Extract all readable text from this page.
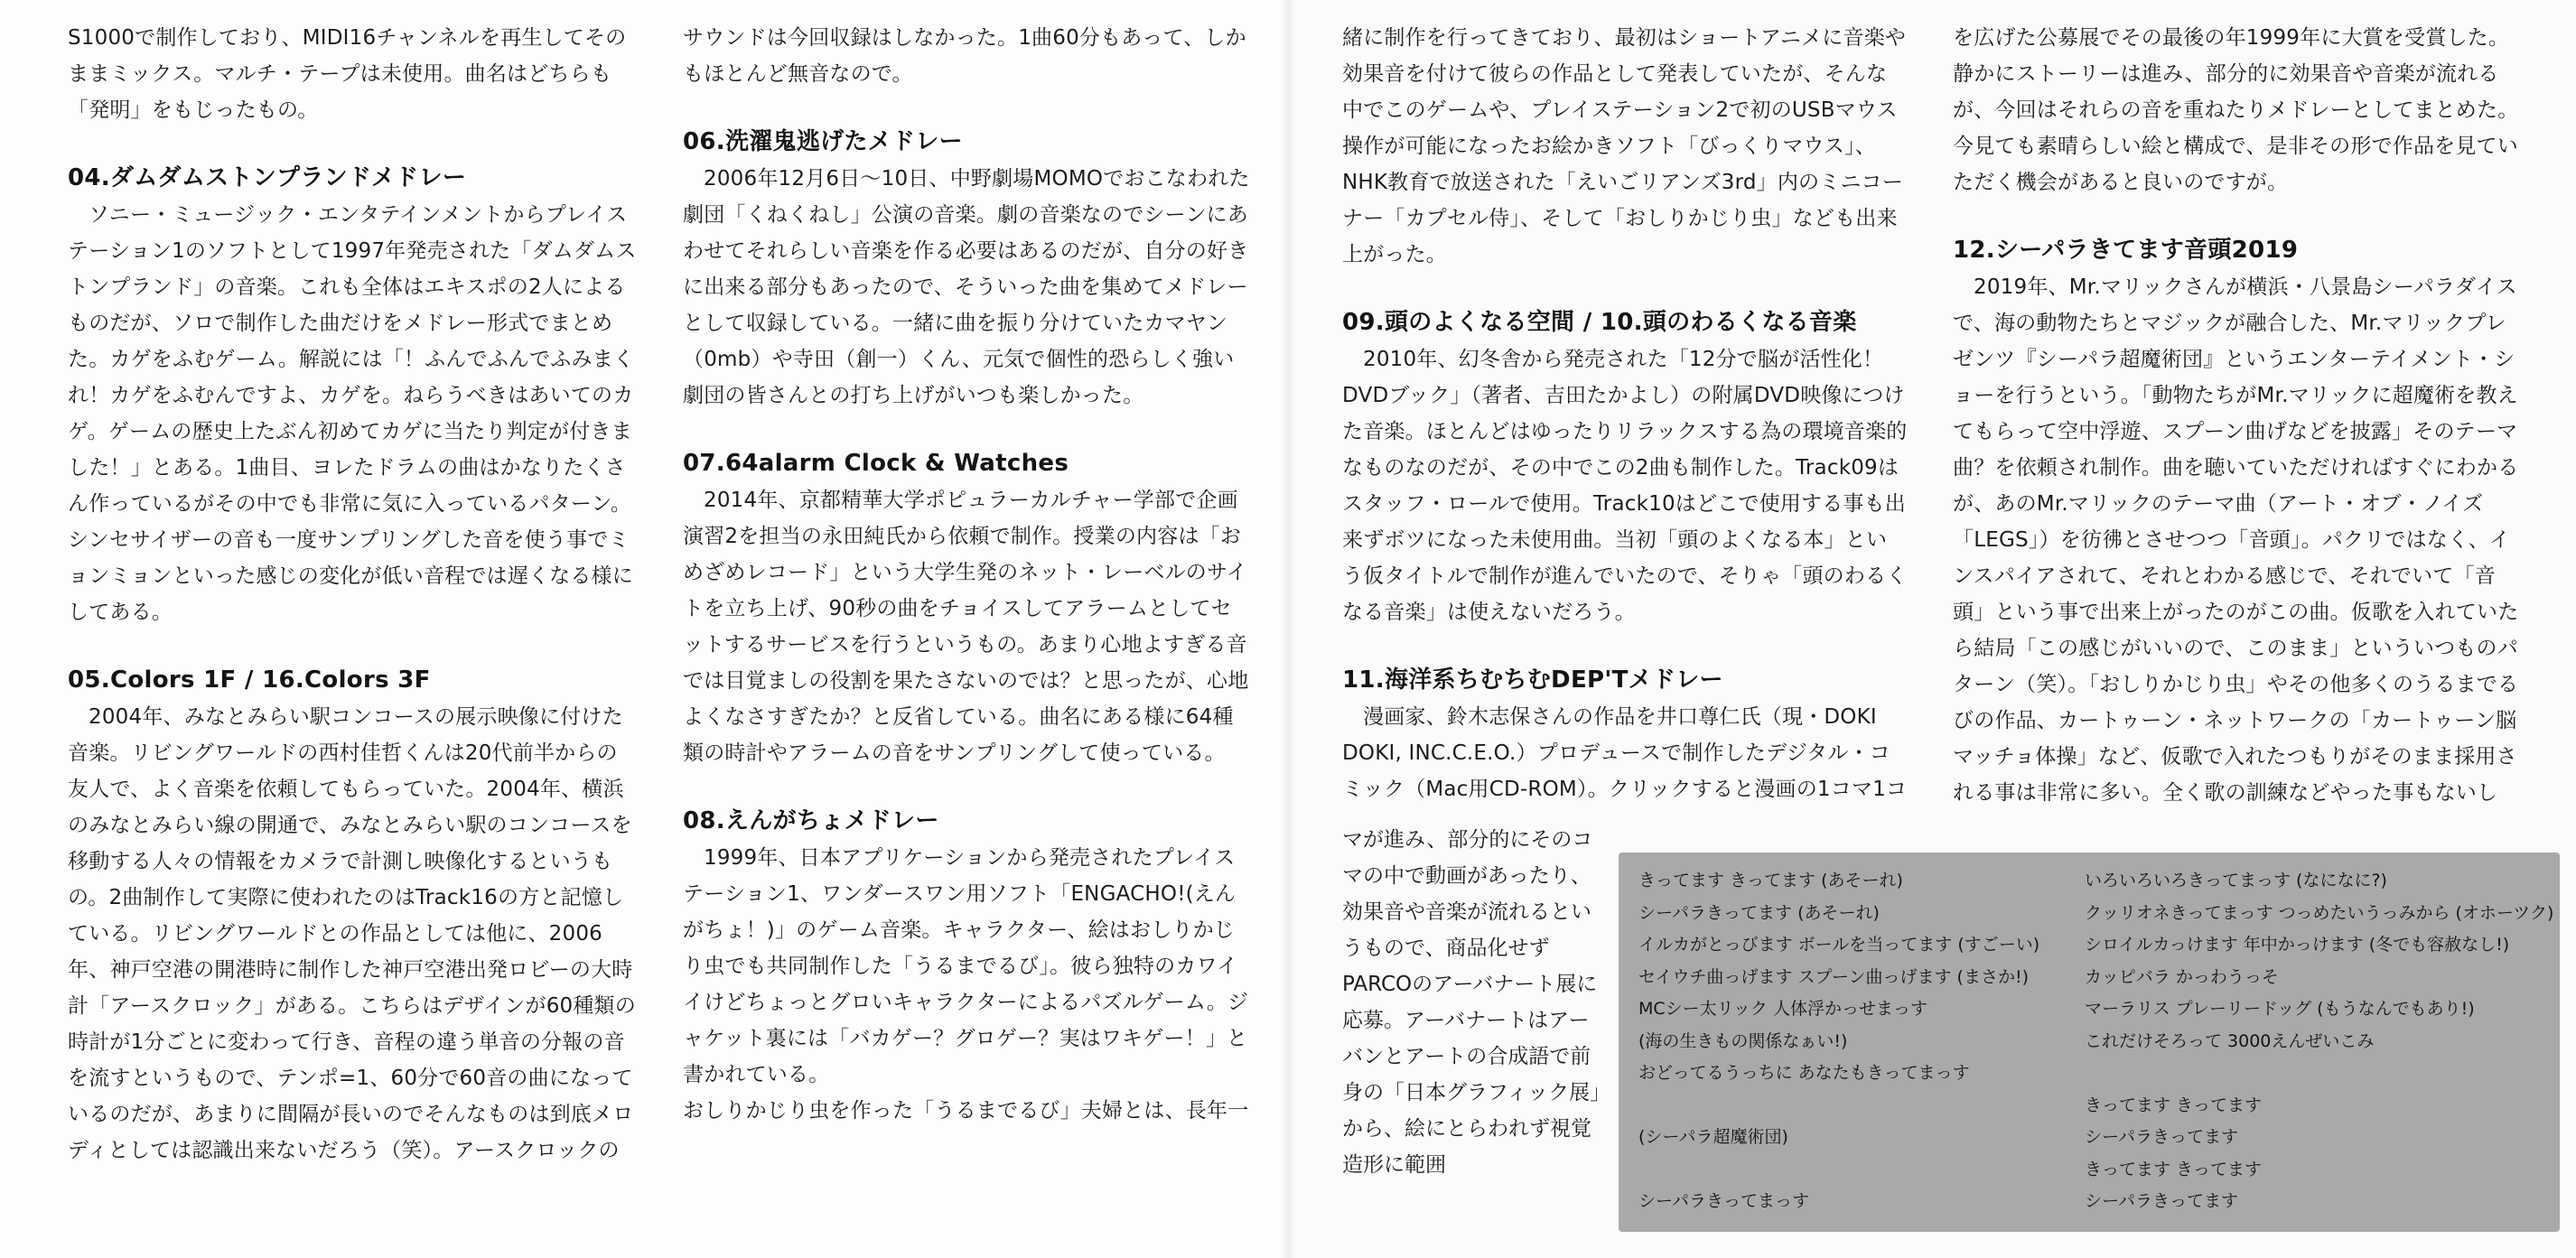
S1000で制作しており、MIDI16チャンネルを再生してそのままミックス。マルチ・テープは未使用。曲名はどちらも「発明」をもじったもの。

04.ダムダムストンプランドメドレー

ソニー・ミュージック・エンタテインメントからプレイステーション1のソフトとして1997年発売された「ダムダムストンプランド」の音楽。これも全体はエキスポの2人によるものだが、ソロで制作した曲だけをメドレー形式でまとめた。カゲをふむゲーム。解説には「！ふんでふんでふみまくれ！カゲをふむんですよ、カゲを。ねらうべきはあいてのカゲ。ゲームの歴史上たぶん初めてカゲに当たり判定が付きました！」とある。1曲目、ヨレたドラムの曲はかなりたくさん作っているがその中でも非常に気に入っているパターン。シンセサイザーの音も一度サンプリングした音を使う事でミョンミョンといった感じの変化が低い音程では遅くなる様にしてある。

05.Colors 1F / 16.Colors 3F

2004年、みなとみらい駅コンコースの展示映像に付けた音楽。リビングワールドの西村佳哲くんは20代前半からの友人で、よく音楽を依頼してもらっていた。2004年、横浜のみなとみらい線の開通で、みなとみらい駅のコンコースを移動する人々の情報をカメラで計測し映像化するというもの。2曲制作して実際に使われたのはTrack16の方と記憶している。リビングワールドとの作品としては他に、2006年、神戸空港の開港時に制作した神戸空港出発ロビーの大時計「アースクロック」がある。こちらはデザインが60種類の時計が1分ごとに変わって行き、音程の違う単音の分報の音を流すというもので、テンポ=1、60分で60音の曲になっているのだが、あまりに間隔が長いのでそんなものは到底メロディとしては認識出来ないだろう（笑）。アースクロックの

サウンドは今回収録はしなかった。1曲60分もあって、しかもほとんど無音なので。

06.洗濯鬼逃げたメドレー

2006年12月6日〜10日、中野劇場MOMOでおこなわれた劇団「くねくねし」公演の音楽。劇の音楽なのでシーンにあわせてそれらしい音楽を作る必要はあるのだが、自分の好きに出来る部分もあったので、そういった曲を集めてメドレーとして収録している。一緒に曲を振り分けていたカマヤン（0mb）や寺田（創一）くん、元気で個性的恐らしく強い劇団の皆さんとの打ち上げがいつも楽しかった。

07.64alarm Clock & Watches

2014年、京都精華大学ポピュラーカルチャー学部で企画演習2を担当の永田純氏から依頼で制作。授業の内容は「おめざめレコード」という大学生発のネット・レーベルのサイトを立ち上げ、90秒の曲をチョイスしてアラームとしてセットするサービスを行うというもの。あまり心地よすぎる音では目覚ましの役割を果たさないのでは？と思ったが、心地よくなさすぎたか？と反省している。曲名にある様に64種類の時計やアラームの音をサンプリングして使っている。

08.えんがちょメドレー

1999年、日本アプリケーションから発売されたプレイステーション1、ワンダースワン用ソフト「ENGACHO!(えんがちょ！)」のゲーム音楽。キャラクター、絵はおしりかじり虫でも共同制作した「うるまでるび」。彼ら独特のカワイイけどちょっとグロいキャラクターによるパズルゲーム。ジャケット裏には「バカゲー？グロゲー？実はワキゲー！」と書かれている。

おしりかじり虫を作った「うるまでるび」夫婦とは、長年一

緒に制作を行ってきており、最初はショートアニメに音楽や効果音を付けて彼らの作品として発表していたが、そんな中でこのゲームや、プレイステーション2で初のUSBマウス操作が可能になったお絵かきソフト「びっくりマウス」、NHK教育で放送された「えいごリアンズ3rd」内のミニコーナー「カプセル侍」、そして「おしりかじり虫」なども出来上がった。

09.頭のよくなる空間 / 10.頭のわるくなる音楽

2010年、幻冬舎から発売された「12分で脳が活性化！DVDブック」（著者、吉田たかよし）の附属DVD映像につけた音楽。ほとんどはゆったりリラックスする為の環境音楽的なものなのだが、その中でこの2曲も制作した。Track09はスタッフ・ロールで使用。Track10はどこで使用する事も出来ずボツになった未使用曲。当初「頭のよくなる本」という仮タイトルで制作が進んでいたので、そりゃ「頭のわるくなる音楽」は使えないだろう。

11.海洋系ちむちむDEP'Tメドレー

漫画家、鈴木志保さんの作品を井口尊仁氏（現・DOKI DOKI, INC.C.E.O.）プロデュースで制作したデジタル・コミック（Mac用CD-ROM）。クリックすると漫画の1コマ1コ

マが進み、部分的にそのコマの中で動画があったり、効果音や音楽が流れるというもので、商品化せずPARCOのアーバナート展に応募。アーバナートはアーバンとアートの合成語で前身の「日本グラフィック展」から、絵にとらわれず視覚造形に範囲

を広げた公募展でその最後の年1999年に大賞を受賞した。静かにストーリーは進み、部分的に効果音や音楽が流れるが、今回はそれらの音を重ねたりメドレーとしてまとめた。今見ても素晴らしい絵と構成で、是非その形で作品を見ていただく機会があると良いのですが。

12.シーパラきてます音頭2019

2019年、Mr.マリックさんが横浜・八景島シーパラダイスで、海の動物たちとマジックが融合した、Mr.マリックプレゼンツ『シーパラ超魔術団』というエンターテイメント・ショーを行うという。「動物たちがMr.マリックに超魔術を教えてもらって空中浮遊、スプーン曲げなどを披露」そのテーマ曲？を依頼され制作。曲を聴いていただければすぐにわかるが、あのMr.マリックのテーマ曲（アート・オブ・ノイズ「LEGS」）を彷彿とさせつつ「音頭」。パクリではなく、インスパイアされて、それとわかる感じで、それでいて「音頭」という事で出来上がったのがこの曲。仮歌を入れていたら結局「この感じがいいので、このまま」といういつものパターン（笑）。「おしりかじり虫」やその他多くのうるまでるびの作品、カートゥーン・ネットワークの「カートゥーン脳マッチョ体操」など、仮歌で入れたつもりがそのまま採用される事は非常に多い。全く歌の訓練などやった事もないし

きってます きってます (あそーれ)
シーパラきってます (あそーれ)
イルカがとっびます ボールを当ってます (すごーい)
セイウチ曲っげます スプーン曲っげます (まさか!)
MCシー太リック 人体浮かっせまっす
(海の生きもの関係なぁい!)
おどってるうっちに あなたもきってまっす
(シーパラ超魔術団)
シーパラきってまっす
いろいろいろきってまっす (なになに?)
クッリオネきってまっす つっめたいうっみから (オホーツク)
シロイルカっけます 年中かっけます (冬でも容赦なし!)
カッピバラ かっわうっそ
マーラリス プレーリードッグ (もうなんでもあり!)
これだけそろって 3000えんぜいこみ
きってます きってます
シーパラきってます
きってます きってます
シーパラきってます
